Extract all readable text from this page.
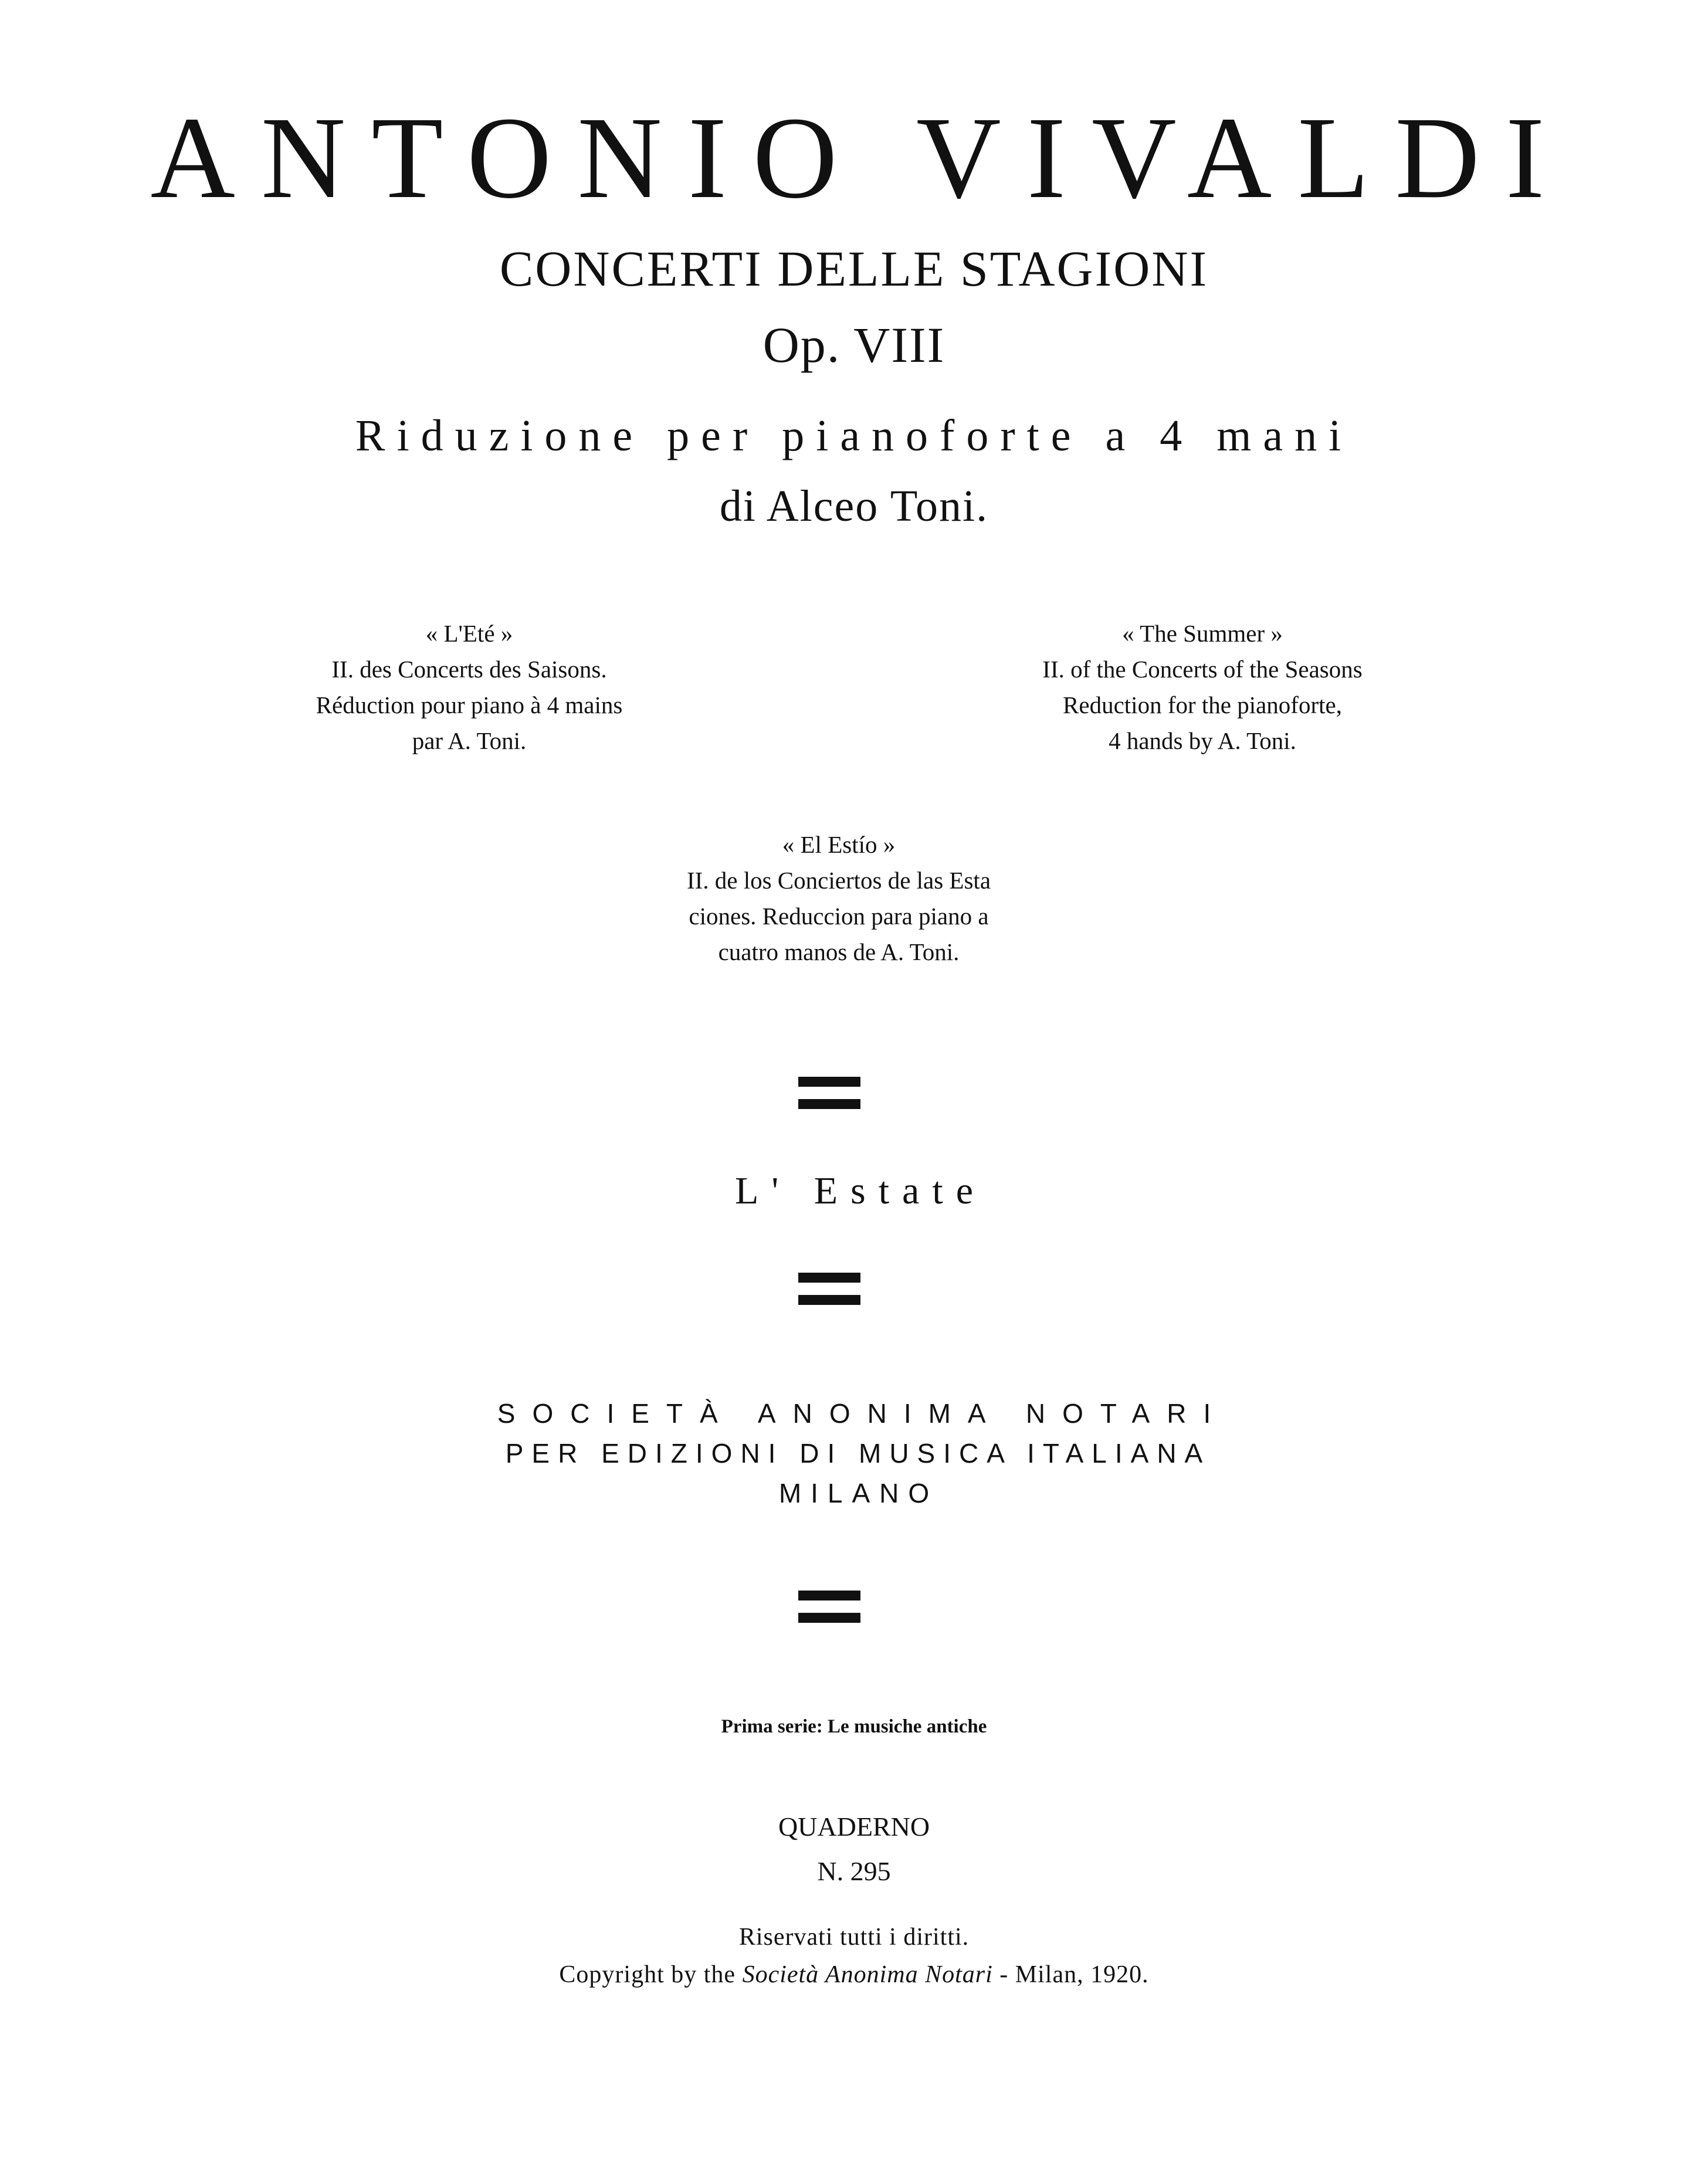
ANTONIO VIVALDI
CONCERTI DELLE STAGIONI
Op. VIII
Riduzione per pianoforte a 4 mani
di Alceo Toni.
« L'Eté »
II. des Concerts des Saisons.
Réduction pour piano à 4 mains
par A. Toni.
« The Summer »
II. of the Concerts of the Seasons
Reduction for the pianoforte,
4 hands by A. Toni.
« El Estío »
II. de los Conciertos de las Esta
ciones. Reduccion para piano a
cuatro manos de A. Toni.
L' Estate
SOCIETÀ ANONIMA NOTARI
PER EDIZIONI DI MUSICA ITALIANA
MILANO
Prima serie: Le musiche antiche
QUADERNO
N. 295
Riservati tutti i diritti.
Copyright by the Società Anonima Notari - Milan, 1920.
